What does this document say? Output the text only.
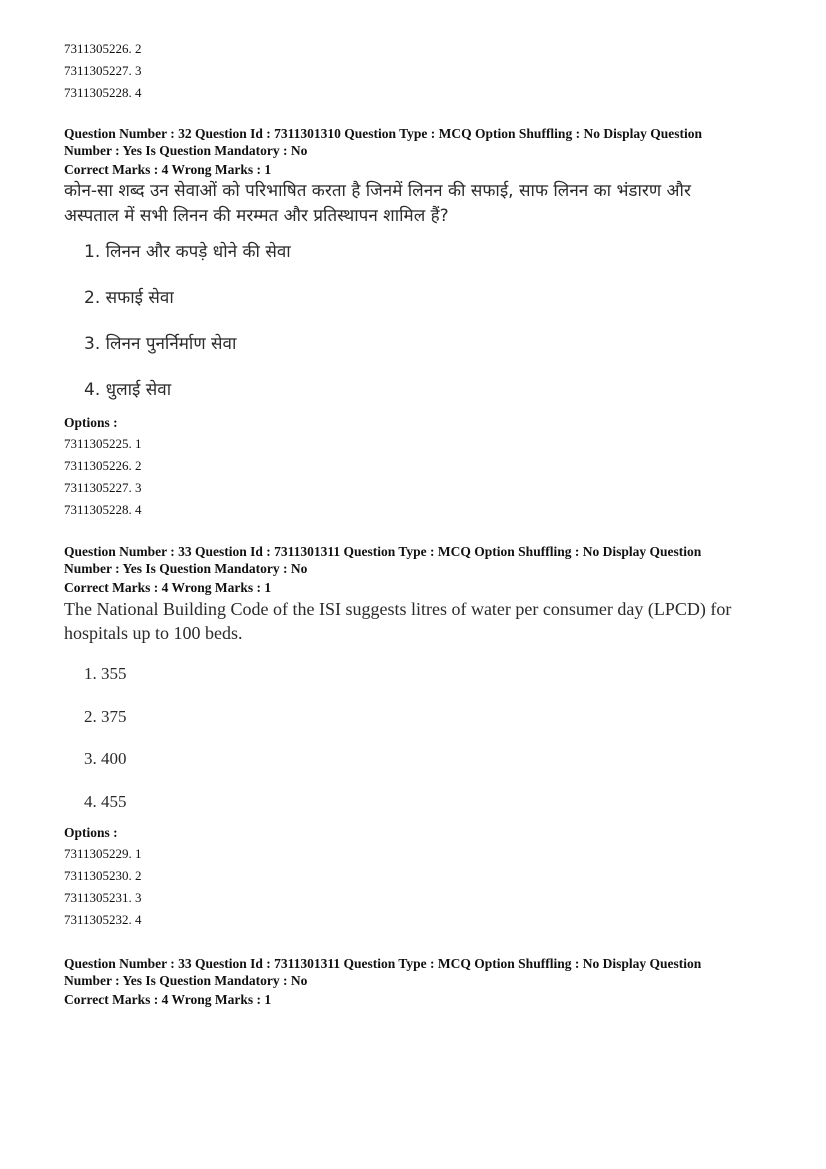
7311305226. 2
7311305227. 3
7311305228. 4
Question Number : 32 Question Id : 7311301310 Question Type : MCQ Option Shuffling : No Display Question
Number : Yes Is Question Mandatory : No
Correct Marks : 4 Wrong Marks : 1
कोन-सा शब्द उन सेवाओं को परिभाषित करता है जिनमें लिनन की सफाई, साफ लिनन का भंडारण और
अस्पताल में सभी लिनन की मरम्मत और प्रतिस्थापन शामिल हैं?
1. लिनन और कपड़े धोने की सेवा
2. सफाई सेवा
3. लिनन पुनर्निर्माण सेवा
4. धुलाई सेवा
Options :
7311305225. 1
7311305226. 2
7311305227. 3
7311305228. 4
Question Number : 33 Question Id : 7311301311 Question Type : MCQ Option Shuffling : No Display Question
Number : Yes Is Question Mandatory : No
Correct Marks : 4 Wrong Marks : 1
The National Building Code of the ISI suggests litres of water per consumer day (LPCD) for
hospitals up to 100 beds.
1. 355
2. 375
3. 400
4. 455
Options :
7311305229. 1
7311305230. 2
7311305231. 3
7311305232. 4
Question Number : 33 Question Id : 7311301311 Question Type : MCQ Option Shuffling : No Display Question
Number : Yes Is Question Mandatory : No
Correct Marks : 4 Wrong Marks : 1
